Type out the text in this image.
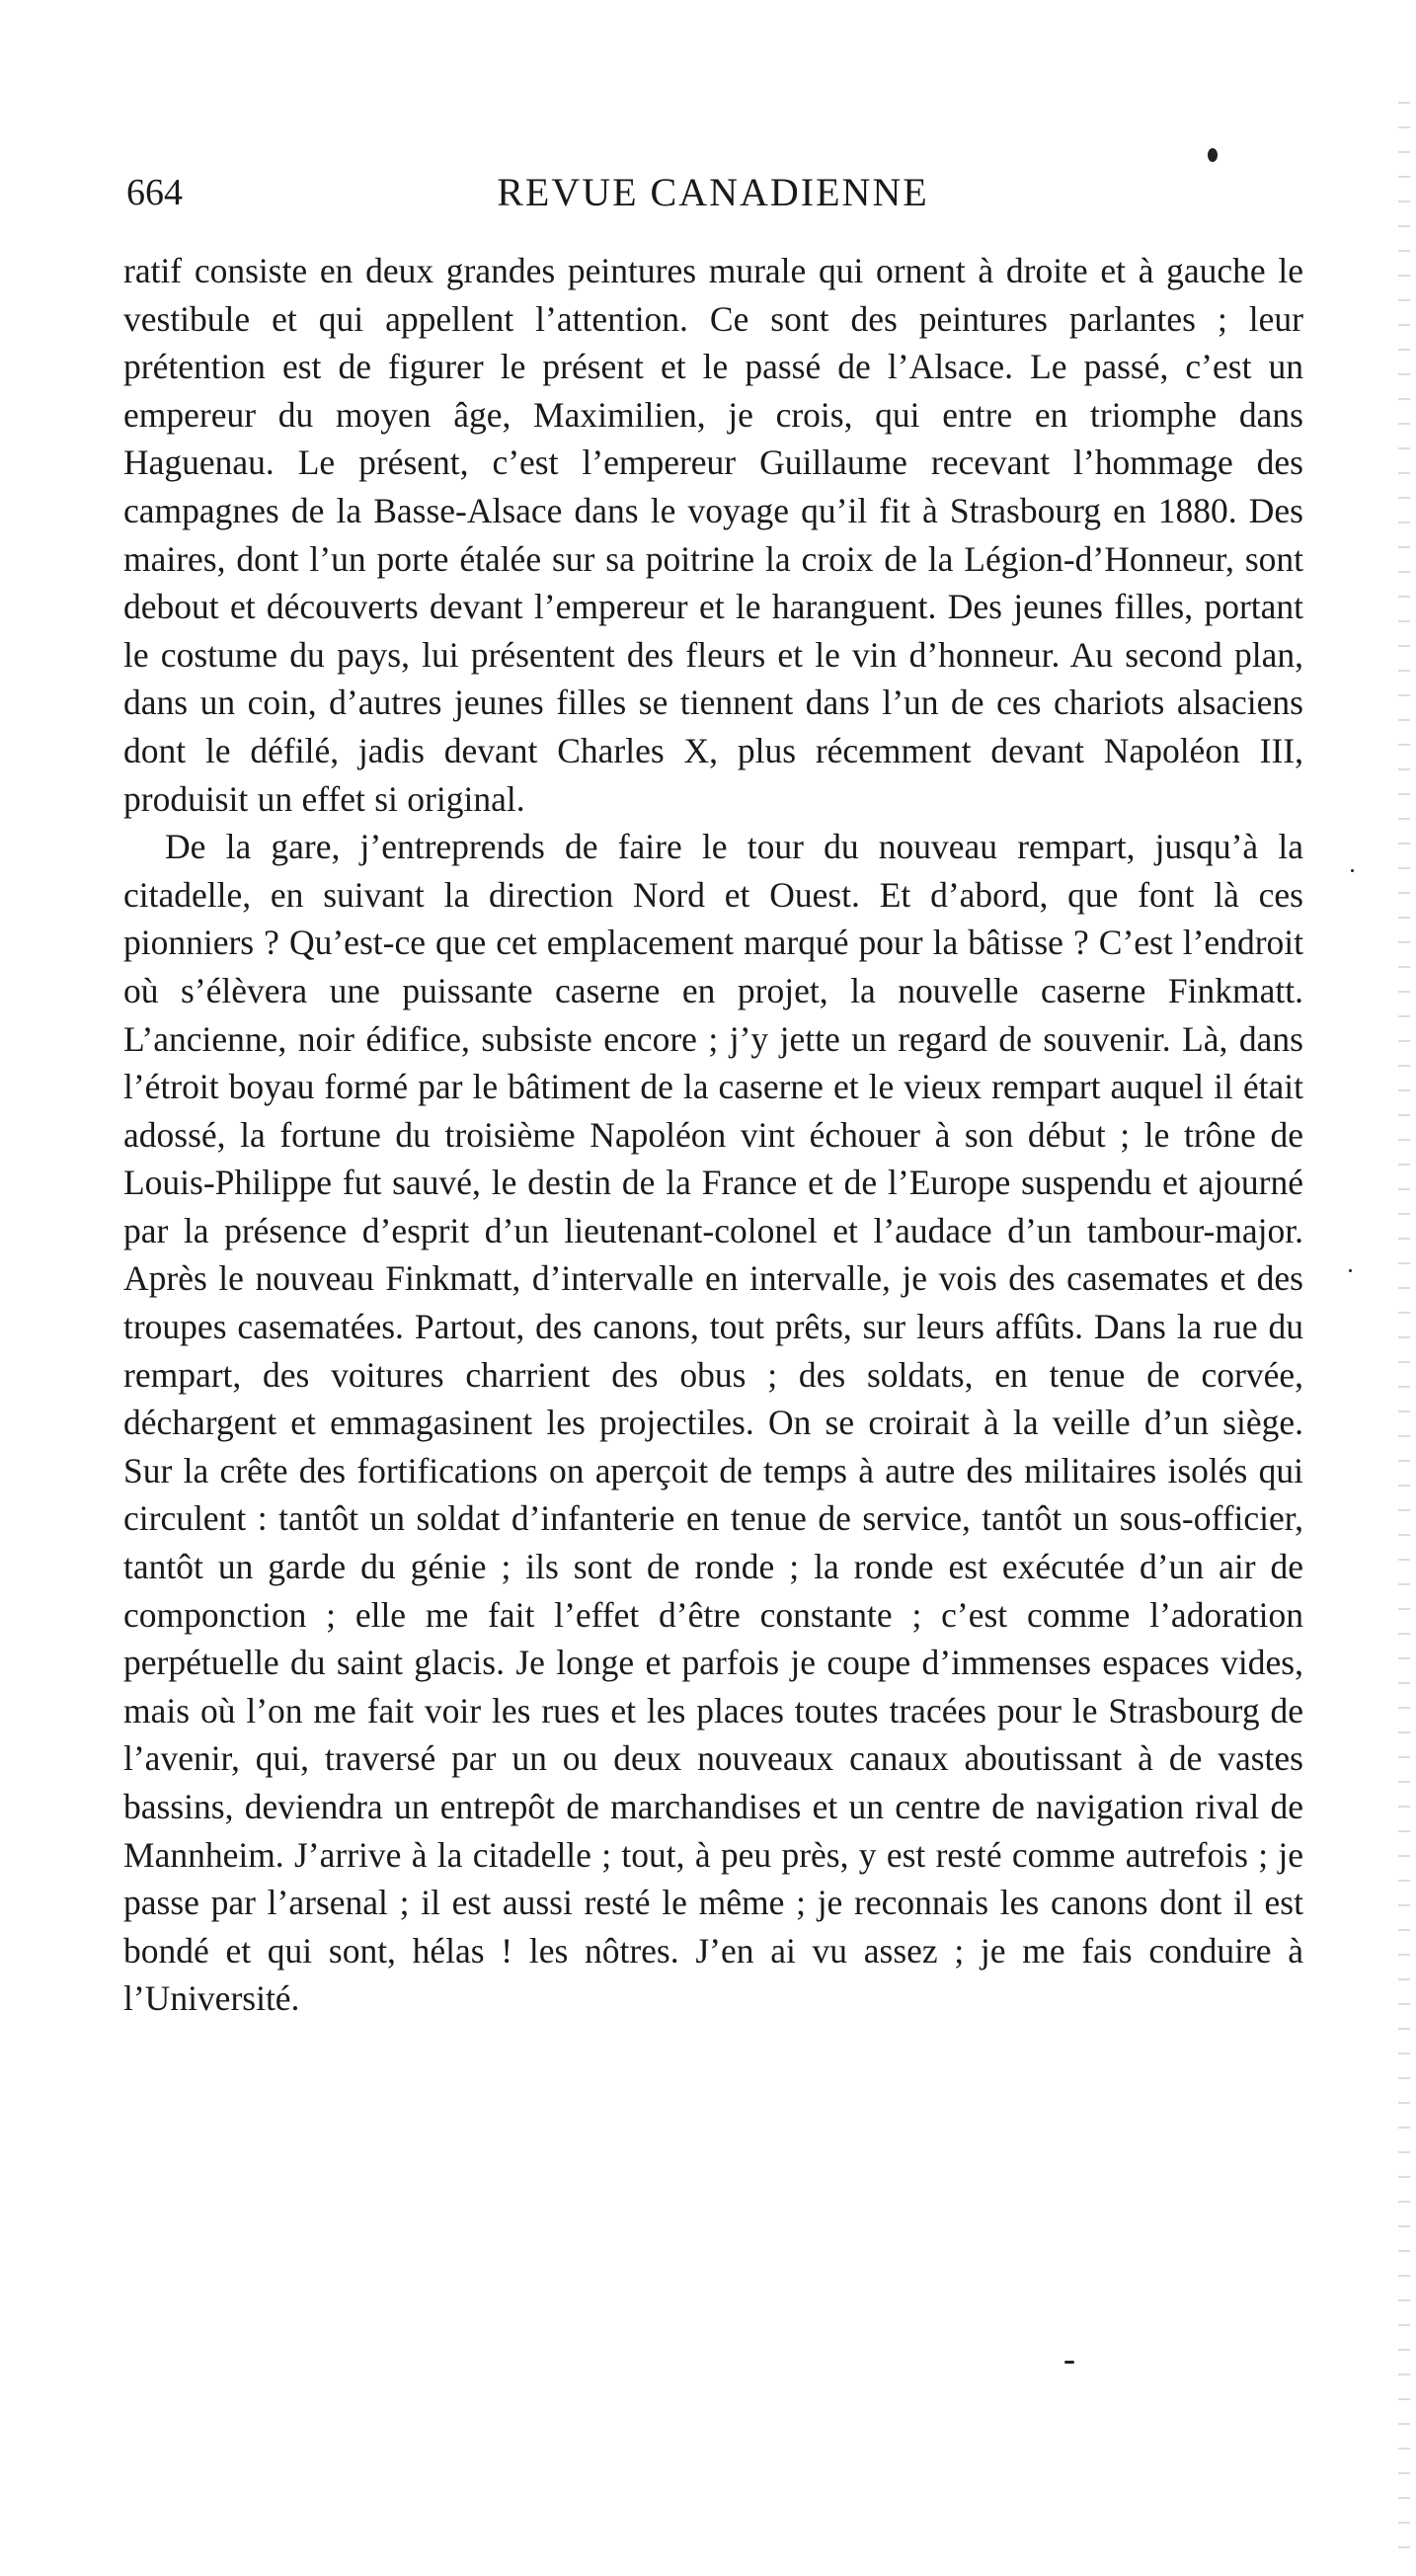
664	REVUE CANADIENNE

ratif consiste en deux grandes peintures murale qui ornent à droite et à gauche le vestibule et qui appellent l’attention. Ce sont des peintures parlantes ; leur prétention est de figurer le présent et le passé de l’Alsace. Le passé, c’est un empereur du moyen âge, Maximilien, je crois, qui entre en triomphe dans Haguenau. Le présent, c’est l’empereur Guillaume recevant l’hommage des campagnes de la Basse-Alsace dans le voyage qu’il fit à Strasbourg en 1880. Des maires, dont l’un porte étalée sur sa poitrine la croix de la Légion-d’Honneur, sont debout et découverts devant l’empereur et le haranguent. Des jeunes filles, portant le costume du pays, lui présentent des fleurs et le vin d’honneur. Au second plan, dans un coin, d’autres jeunes filles se tiennent dans l’un de ces chariots alsaciens dont le défilé, jadis devant Charles X, plus récemment devant Napoléon III, produisit un effet si original.

De la gare, j’entreprends de faire le tour du nouveau rempart, jusqu’à la citadelle, en suivant la direction Nord et Ouest. Et d’abord, que font là ces pionniers ? Qu’est-ce que cet emplacement marqué pour la bâtisse ? C’est l’endroit où s’élèvera une puissante caserne en projet, la nouvelle caserne Finkmatt. L’ancienne, noir édifice, subsiste encore ; j’y jette un regard de souvenir. Là, dans l’étroit boyau formé par le bâtiment de la caserne et le vieux rempart auquel il était adossé, la fortune du troisième Napoléon vint échouer à son début ; le trône de Louis-Philippe fut sauvé, le destin de la France et de l’Europe suspendu et ajourné par la présence d’esprit d’un lieutenant-colonel et l’audace d’un tambour-major. Après le nouveau Finkmatt, d’intervalle en intervalle, je vois des casemates et des troupes casematées. Partout, des canons, tout prêts, sur leurs affûts. Dans la rue du rempart, des voitures charrient des obus ; des soldats, en tenue de corvée, déchargent et emmagasinent les projectiles. On se croirait à la veille d’un siège. Sur la crête des fortifications on aperçoit de temps à autre des militaires isolés qui circulent : tantôt un soldat d’infanterie en tenue de service, tantôt un sous-officier, tantôt un garde du génie ; ils sont de ronde ; la ronde est exécutée d’un air de componction ; elle me fait l’effet d’être constante ; c’est comme l’adoration perpétuelle du saint glacis. Je longe et parfois je coupe d’immenses espaces vides, mais où l’on me fait voir les rues et les places toutes tracées pour le Strasbourg de l’avenir, qui, traversé par un ou deux nouveaux canaux aboutissant à de vastes bassins, deviendra un entrepôt de marchandises et un centre de navigation rival de Mannheim. J’arrive à la citadelle ; tout, à peu près, y est resté comme autrefois ; je passe par l’arsenal ; il est aussi resté le même ; je reconnais les canons dont il est bondé et qui sont, hélas ! les nôtres. J’en ai vu assez ; je me fais conduire à l’Université.
